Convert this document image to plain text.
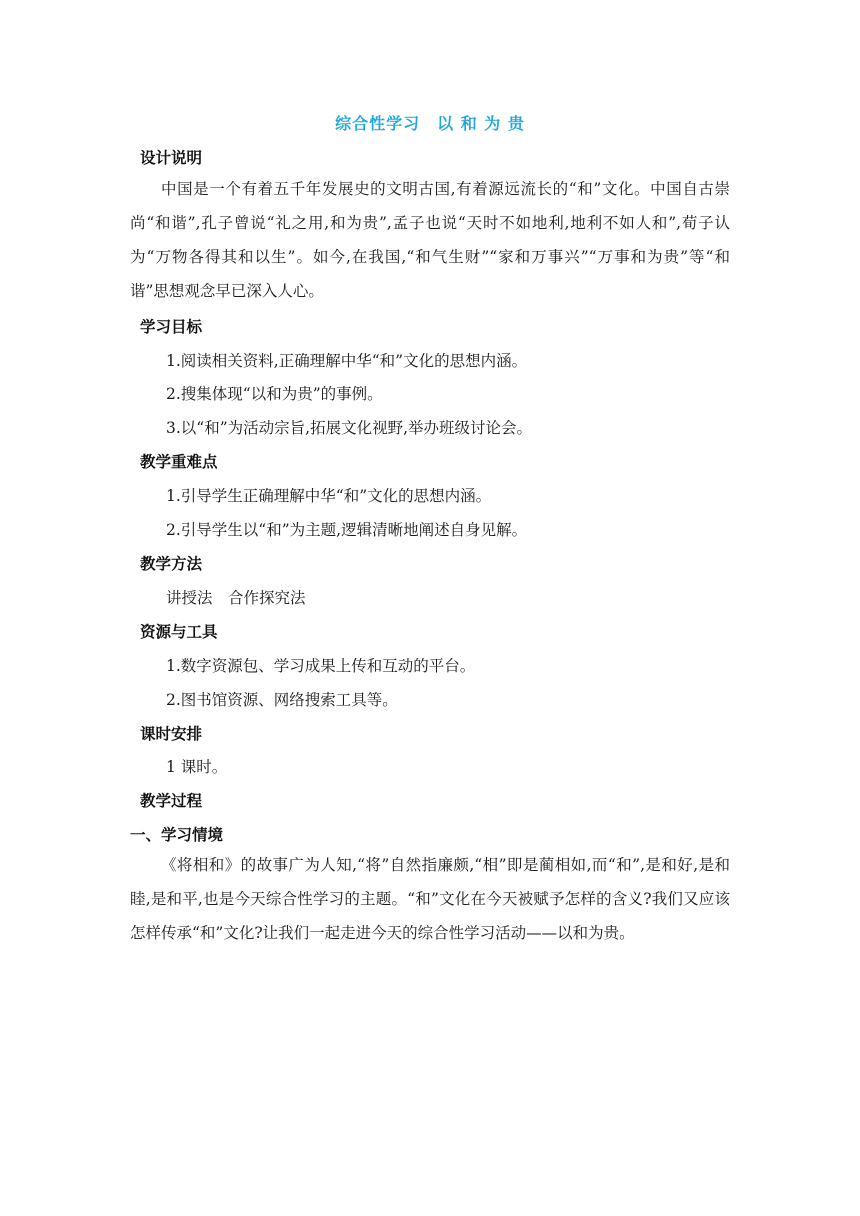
综合性学习　以 和 为 贵
设计说明
中国是一个有着五千年发展史的文明古国,有着源远流长的“和”文化。中国自古崇尚“和谐”,孔子曾说“礼之用,和为贵”,孟子也说“天时不如地利,地利不如人和”,荀子认为“万物各得其和以生”。如今,在我国,“和气生财”“家和万事兴”“万事和为贵”等“和谐”思想观念早已深入人心。
学习目标
1.阅读相关资料,正确理解中华“和”文化的思想内涵。
2.搜集体现“以和为贵”的事例。
3.以“和”为活动宗旨,拓展文化视野,举办班级讨论会。
教学重难点
1.引导学生正确理解中华“和”文化的思想内涵。
2.引导学生以“和”为主题,逻辑清晰地阐述自身见解。
教学方法
讲授法　合作探究法
资源与工具
1.数字资源包、学习成果上传和互动的平台。
2.图书馆资源、网络搜索工具等。
课时安排
1 课时。
教学过程
一、学习情境
《将相和》的故事广为人知,“将”自然指廉颇,“相”即是蔺相如,而“和”,是和好,是和睦,是和平,也是今天综合性学习的主题。“和”文化在今天被赋予怎样的含义?我们又应该怎样传承“和”文化?让我们一起走进今天的综合性学习活动——以和为贵。
